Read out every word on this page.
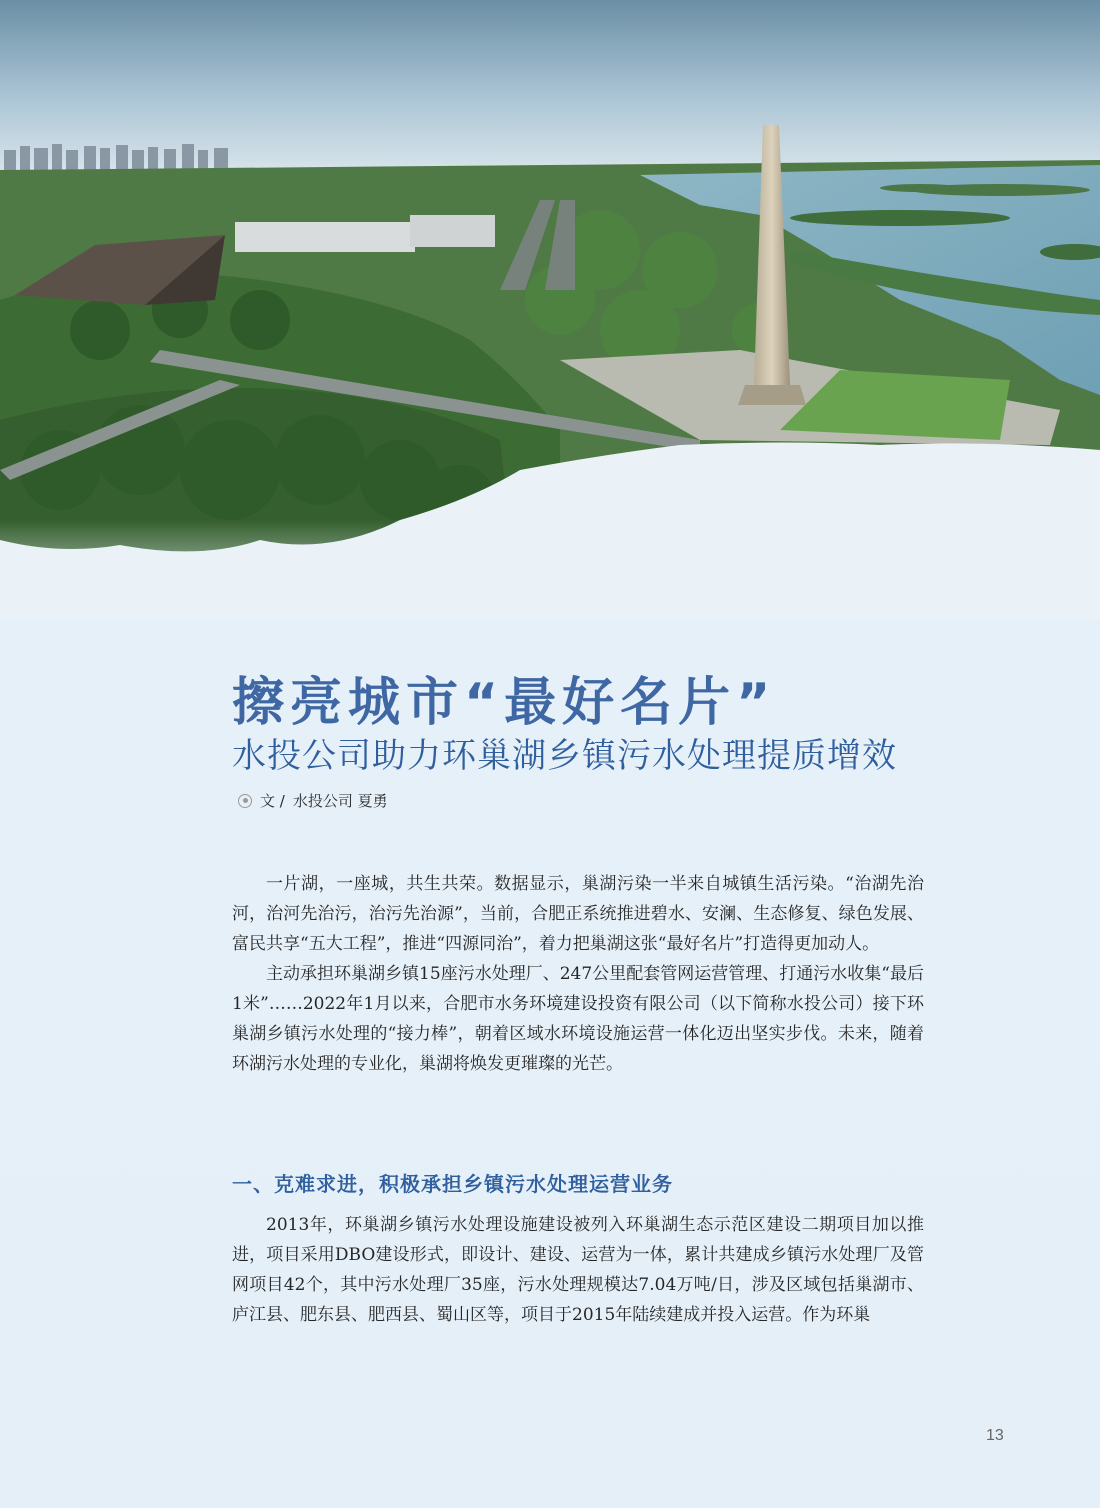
擦亮城市“最好名片”
水投公司助力环巢湖乡镇污水处理提质增效
文 / 水投公司 夏勇

一片湖，一座城，共生共荣。数据显示，巢湖污染一半来自城镇生活污染。“治湖先治河，治河先治污，治污先治源”，当前，合肥正系统推进碧水、安澜、生态修复、绿色发展、富民共享“五大工程”，推进“四源同治”，着力把巢湖这张“最好名片”打造得更加动人。

主动承担环巢湖乡镇15座污水处理厂、247公里配套管网运营管理、打通污水收集“最后1米”……2022年1月以来，合肥市水务环境建设投资有限公司（以下简称水投公司）接下环巢湖乡镇污水处理的“接力棒”，朝着区域水环境设施运营一体化迈出坚实步伐。未来，随着环湖污水处理的专业化，巢湖将焕发更璀璨的光芒。

一、克难求进，积极承担乡镇污水处理运营业务

2013年，环巢湖乡镇污水处理设施建设被列入环巢湖生态示范区建设二期项目加以推进，项目采用DBO建设形式，即设计、建设、运营为一体，累计共建成乡镇污水处理厂及管网项目42个，其中污水处理厂35座，污水处理规模达7.04万吨/日，涉及区域包括巢湖市、庐江县、肥东县、肥西县、蜀山区等，项目于2015年陆续建成并投入运营。作为环巢

13
